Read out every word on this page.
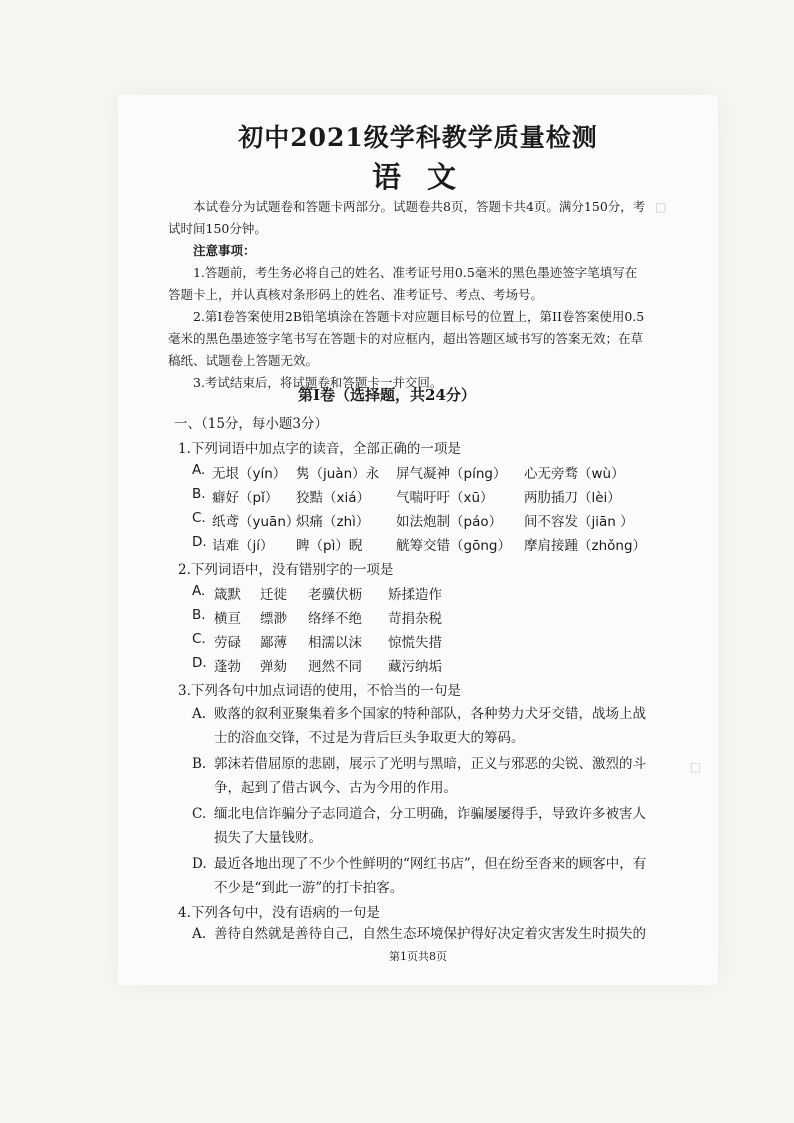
□
□
初中2021级学科教学质量检测
语 文

本试卷分为试题卷和答题卡两部分。试题卷共8页，答题卡共4页。满分150分，考试时间150分钟。

注意事项：

1.答题前，考生务必将自己的姓名、准考证号用0.5毫米的黑色墨迹签字笔填写在答题卡上，并认真核对条形码上的姓名、准考证号、考点、考场号。

2.第Ⅰ卷答案使用2B铅笔填涂在答题卡对应题目标号的位置上，第II卷答案使用0.5毫米的黑色墨迹签字笔书写在答题卡的对应框内，超出答题区域书写的答案无效；在草稿纸、试题卷上答题无效。

3.考试结束后，将试题卷和答题卡一并交回。

第Ⅰ卷（选择题，共24分）
一、（15分，每小题3分）
1.下列词语中加点字的读音，全部正确的一项是
A. 无垠（yín） 隽（juàn）永 屏气凝神（píng） 心无旁骛（wù）
B. 癖好（pǐ） 狡黠（xiá） 气喘吁吁（xū） 两肋插刀（lèi）
C. 纸鸢（yuān）
炽痛（zhì） 如法炮制（páo） 间不容发（jiān ）
D. 诘难（jí） 睥（pì）睨 觥筹交错（gōng） 摩肩接踵（zhǒng）
2.下列词语中，没有错别字的一项是
A. 箴默 迁徙 老骥伏枥 矫揉造作
B. 横亘 缥渺 络绎不绝 苛捐杂税
C. 劳碌 鄙薄 相濡以沫 惊慌失措
D. 蓬勃 弹劾 迥然不同 藏污纳垢
3.下列各句中加点词语的使用，不恰当的一句是
A. 败落的叙利亚聚集着多个国家的特种部队，各种势力犬牙交错，战场上战士的浴血交锋，不过是为背后巨头争取更大的筹码。
B. 郭沫若借屈原的悲剧，展示了光明与黑暗，正义与邪恶的尖锐、激烈的斗争，起到了借古讽今、古为今用的作用。
C. 缅北电信诈骗分子志同道合，分工明确，诈骗屡屡得手，导致许多被害人损失了大量钱财。
D. 最近各地出现了不少个性鲜明的“网红书店”，但在纷至沓来的顾客中，有不少是“到此一游”的打卡拍客。
4.下列各句中，没有语病的一句是
A. 善待自然就是善待自己，自然生态环境保护得好决定着灾害发生时损失的
第1页共8页
